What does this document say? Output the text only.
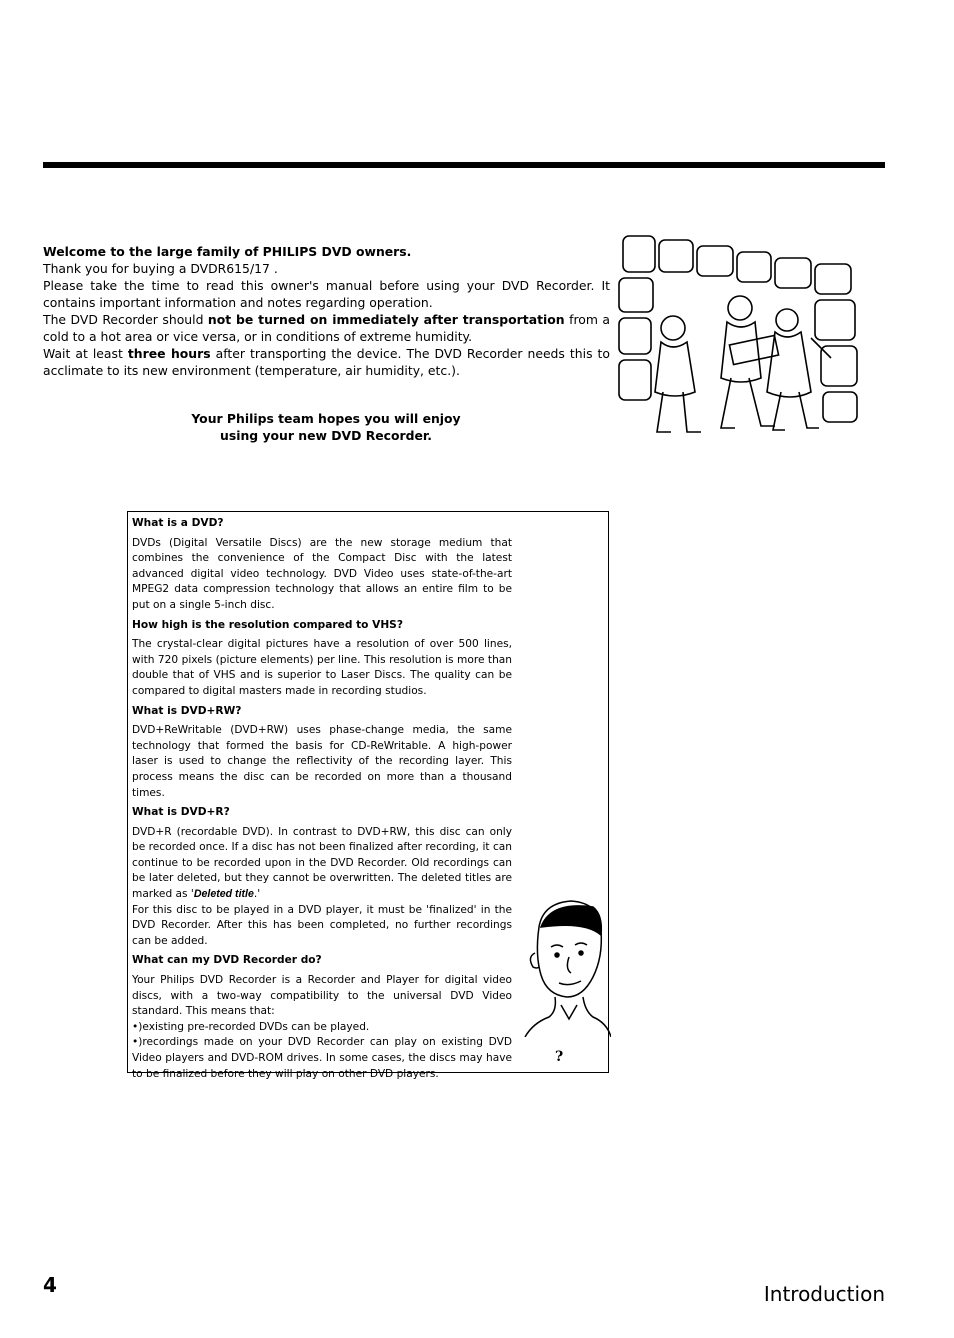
Welcome to the large family of PHILIPS DVD owners.

Thank you for buying a DVDR615/17 .

Please take the time to read this owner's manual before using your DVD Recorder. It contains important information and notes regarding operation.

The DVD Recorder should not be turned on immediately after transportation from a cold to a hot area or vice versa, or in conditions of extreme humidity.

Wait at least three hours after transporting the device. The DVD Recorder needs this to acclimate to its new environment (temperature, air humidity, etc.).

Your Philips team hopes you will enjoy
using your new DVD Recorder.
What is a DVD?

DVDs (Digital Versatile Discs) are the new storage medium that combines the convenience of the Compact Disc with the latest advanced digital video technology. DVD Video uses state-of-the-art MPEG2 data compression technology that allows an entire film to be put on a single 5-inch disc.

How high is the resolution compared to VHS?

The crystal-clear digital pictures have a resolution of over 500 lines, with 720 pixels (picture elements) per line. This resolution is more than double that of VHS and is superior to Laser Discs. The quality can be compared to digital masters made in recording studios.

What is DVD+RW?

DVD+ReWritable (DVD+RW) uses phase-change media, the same technology that formed the basis for CD-ReWritable. A high-power laser is used to change the reflectivity of the recording layer. This process means the disc can be recorded on more than a thousand times.

What is DVD+R?

DVD+R (recordable DVD). In contrast to DVD+RW, this disc can only be recorded once. If a disc has not been finalized after recording, it can continue to be recorded upon in the DVD Recorder. Old recordings can be later deleted, but they cannot be overwritten. The deleted titles are marked as 'Deleted title.'

For this disc to be played in a DVD player, it must be 'finalized' in the DVD Recorder. After this has been completed, no further recordings can be added.

What can my DVD Recorder do?

Your Philips DVD Recorder is a Recorder and Player for digital video discs, with a two-way compatibility to the universal DVD Video standard. This means that:

•)existing pre-recorded DVDs can be played.

•)recordings made on your DVD Recorder can play on existing DVD Video players and DVD-ROM drives. In some cases, the discs may have to be finalized before they will play on other DVD players.

?
4	Introduction
